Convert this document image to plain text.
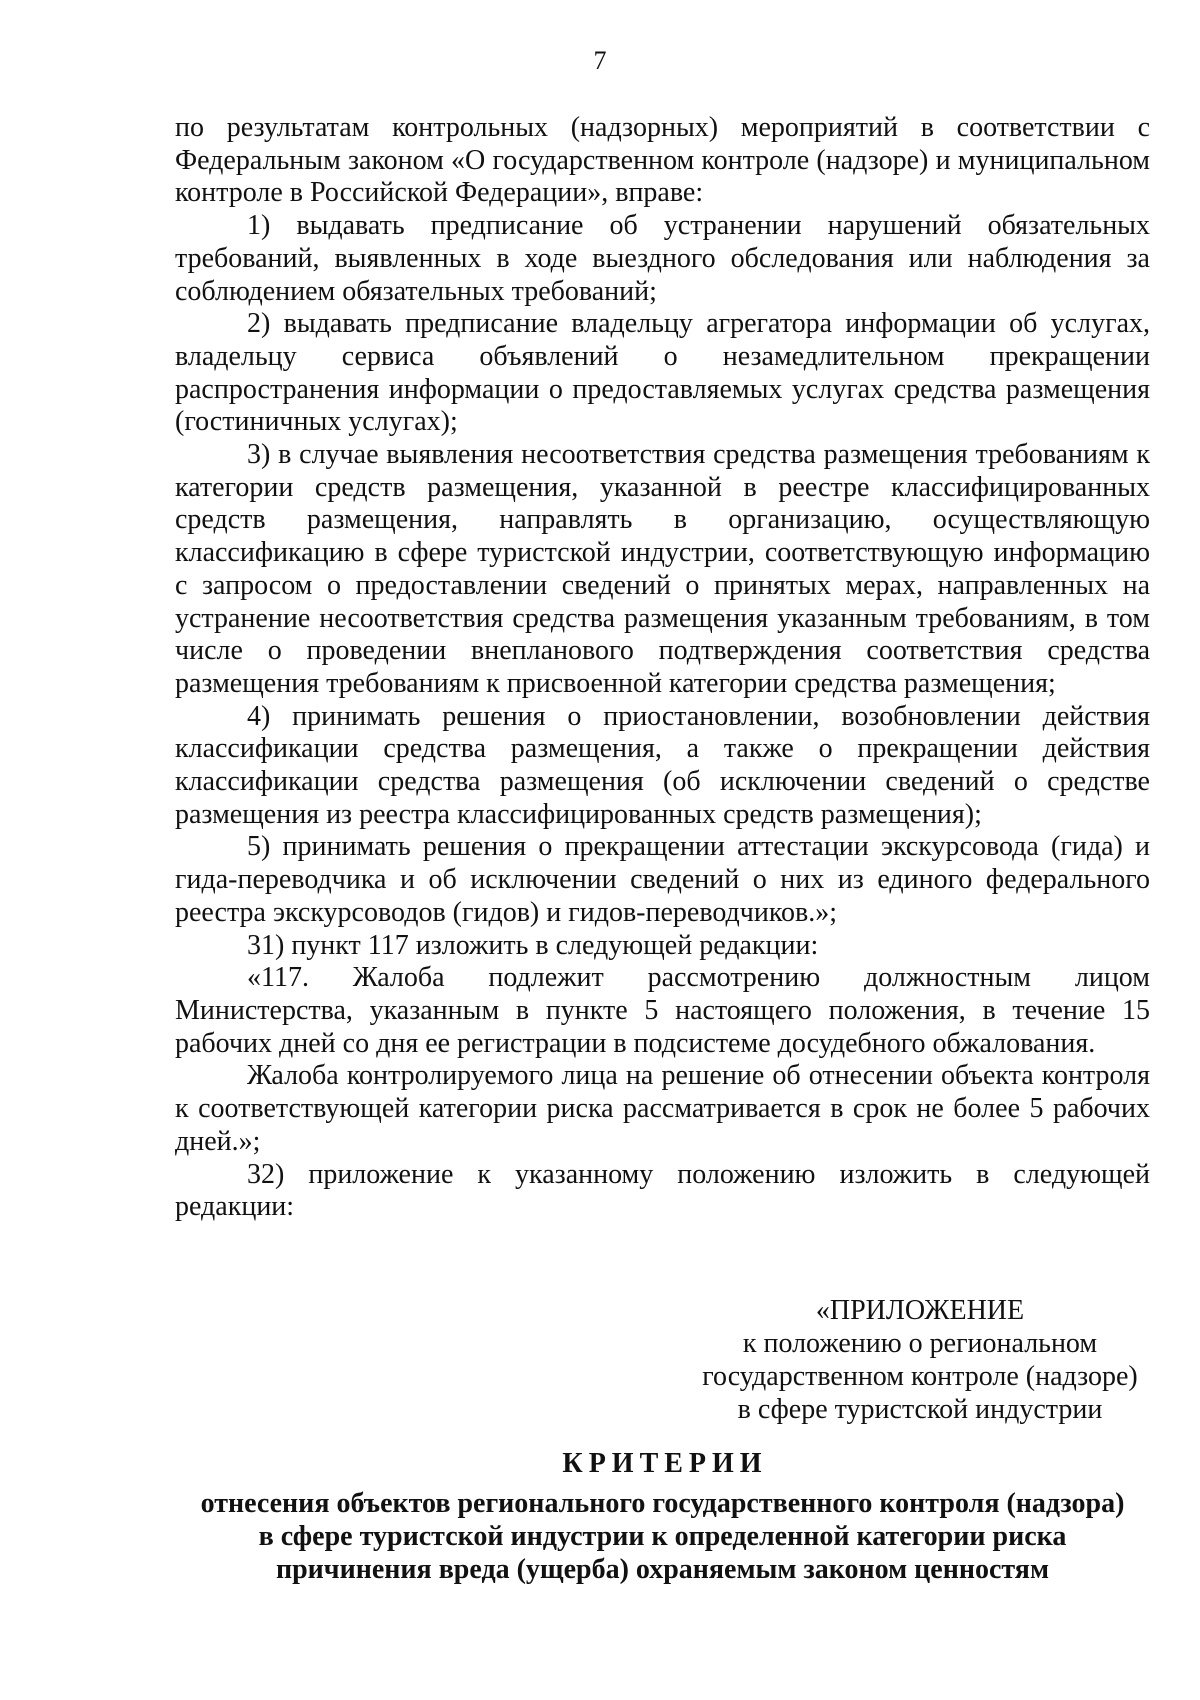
7

по результатам контрольных (надзорных) мероприятий в соответствии с Федеральным законом «О государственном контроле (надзоре) и муниципальном контроле в Российской Федерации», вправе:

1) выдавать предписание об устранении нарушений обязательных требований, выявленных в ходе выездного обследования или наблюдения за соблюдением обязательных требований;

2) выдавать предписание владельцу агрегатора информации об услугах, владельцу сервиса объявлений о незамедлительном прекращении распространения информации о предоставляемых услугах средства размещения (гостиничных услугах);

3) в случае выявления несоответствия средства размещения требованиям к категории средств размещения, указанной в реестре классифицированных средств размещения, направлять в организацию, осуществляющую классификацию в сфере туристской индустрии, соответствующую информацию с запросом о предоставлении сведений о принятых мерах, направленных на устранение несоответствия средства размещения указанным требованиям, в том числе о проведении внепланового подтверждения соответствия средства размещения требованиям к присвоенной категории средства размещения;

4) принимать решения о приостановлении, возобновлении действия классификации средства размещения, а также о прекращении действия классификации средства размещения (об исключении сведений о средстве размещения из реестра классифицированных средств размещения);

5) принимать решения о прекращении аттестации экскурсовода (гида) и гида-переводчика и об исключении сведений о них из единого федерального реестра экскурсоводов (гидов) и гидов-переводчиков.»;

31) пункт 117 изложить в следующей редакции:

«117. Жалоба подлежит рассмотрению должностным лицом Министерства, указанным в пункте 5 настоящего положения, в течение 15 рабочих дней со дня ее регистрации в подсистеме досудебного обжалования.

Жалоба контролируемого лица на решение об отнесении объекта контроля к соответствующей категории риска рассматривается в срок не более 5 рабочих дней.»;

32) приложение к указанному положению изложить в следующей редакции:

«ПРИЛОЖЕНИЕ
к положению о региональном
государственном контроле (надзоре)
в сфере туристской индустрии
КРИТЕРИИ
отнесения объектов регионального государственного контроля (надзора)
в сфере туристской индустрии к определенной категории риска
причинения вреда (ущерба) охраняемым законом ценностям
